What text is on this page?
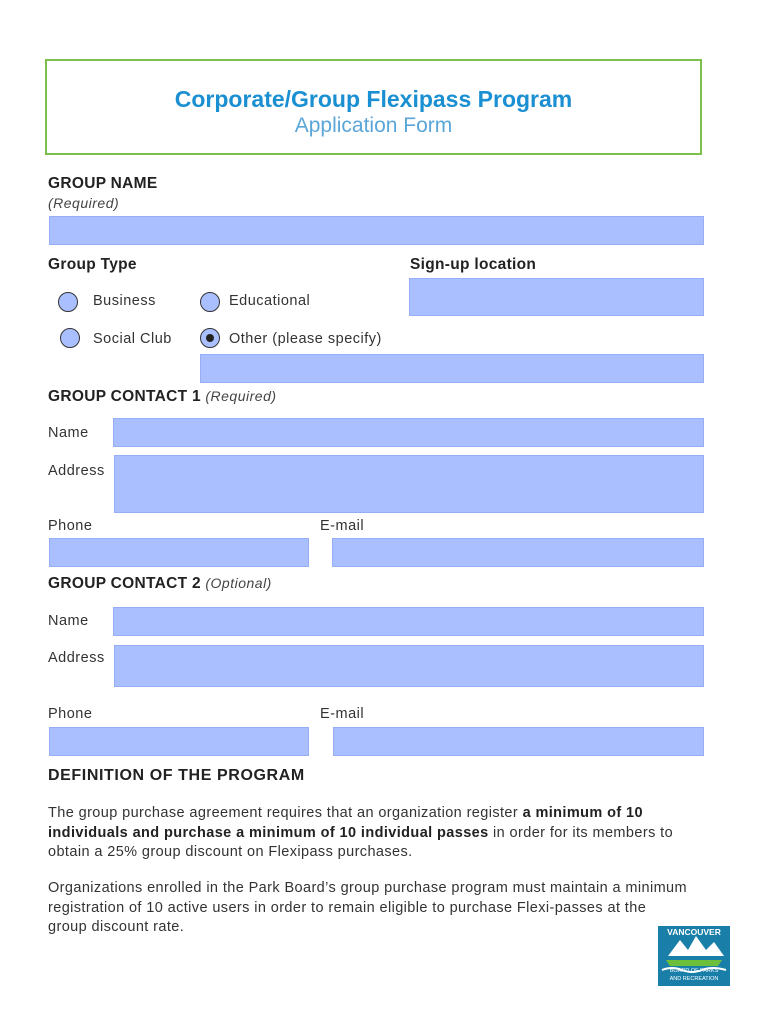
Corporate/Group Flexipass Program
Application Form
GROUP NAME
(Required)
Group Type	Sign-up location
Business	Educational
Social Club	Other (please specify)
GROUP CONTACT 1 (Required)
Name
Address
Phone	E-mail
GROUP CONTACT 2 (Optional)
Name
Address
Phone	E-mail
DEFINITION OF THE PROGRAM
The group purchase agreement requires that an organization register a minimum of 10 individuals and purchase a minimum of 10 individual passes in order for its members to obtain a 25% group discount on Flexipass purchases.
Organizations enrolled in the Park Board’s group purchase program must maintain a minimum registration of 10 active users in order to remain eligible to purchase Flexi-passes at the group discount rate.	VANCOUVER
BOARD OF PARKS
AND RECREATION
